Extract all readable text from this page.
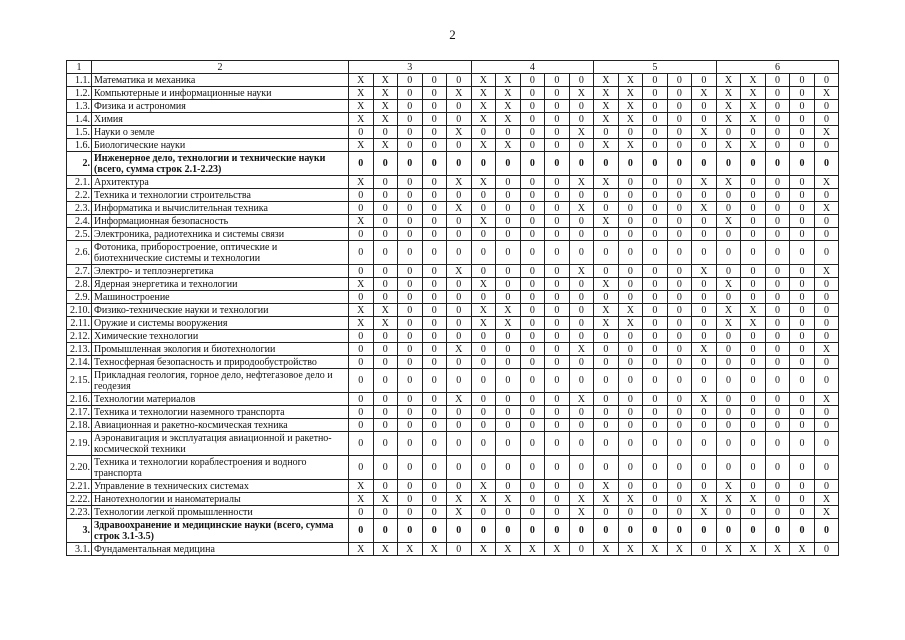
2
1	2	3					4					5					6				
1.1.	Математика и механика	X	X	0	0	0	X	X	0	0	0	X	X	0	0	0	X	X	0	0	0
1.2.	Компьютерные и информационные науки	X	X	0	0	X	X	X	0	0	X	X	X	0	0	X	X	X	0	0	X
1.3.	Физика и астрономия	X	X	0	0	0	X	X	0	0	0	X	X	0	0	0	X	X	0	0	0
1.4.	Химия	X	X	0	0	0	X	X	0	0	0	X	X	0	0	0	X	X	0	0	0
1.5.	Науки о земле	0	0	0	0	X	0	0	0	0	X	0	0	0	0	X	0	0	0	0	X
1.6.	Биологические науки	X	X	0	0	0	X	X	0	0	0	X	X	0	0	0	X	X	0	0	0
2.	Инженерное дело, технологии и технические науки (всего, сумма строк 2.1-2.23)	0	0	0	0	0	0	0	0	0	0	0	0	0	0	0	0	0	0	0	0
2.1.	Архитектура	X	0	0	0	X	X	0	0	0	X	X	0	0	0	X	X	0	0	0	X
2.2.	Техника и технологии строительства	0	0	0	0	0	0	0	0	0	0	0	0	0	0	0	0	0	0	0	0
2.3.	Информатика и вычислительная техника	0	0	0	0	X	0	0	0	0	X	0	0	0	0	X	0	0	0	0	X
2.4.	Информационная безопасность	X	0	0	0	0	X	0	0	0	0	X	0	0	0	0	X	0	0	0	0
2.5.	Электроника, радиотехника и системы связи	0	0	0	0	0	0	0	0	0	0	0	0	0	0	0	0	0	0	0	0
2.6.	Фотоника, приборостроение, оптические и биотехнические системы и технологии	0	0	0	0	0	0	0	0	0	0	0	0	0	0	0	0	0	0	0	0
2.7.	Электро- и теплоэнергетика	0	0	0	0	X	0	0	0	0	X	0	0	0	0	X	0	0	0	0	X
2.8.	Ядерная энергетика и технологии	X	0	0	0	0	X	0	0	0	0	X	0	0	0	0	X	0	0	0	0
2.9.	Машиностроение	0	0	0	0	0	0	0	0	0	0	0	0	0	0	0	0	0	0	0	0
2.10.	Физико-технические науки и технологии	X	X	0	0	0	X	X	0	0	0	X	X	0	0	0	X	X	0	0	0
2.11.	Оружие и системы вооружения	X	X	0	0	0	X	X	0	0	0	X	X	0	0	0	X	X	0	0	0
2.12.	Химические технологии	0	0	0	0	0	0	0	0	0	0	0	0	0	0	0	0	0	0	0	0
2.13.	Промышленная экология и биотехнологии	0	0	0	0	X	0	0	0	0	X	0	0	0	0	X	0	0	0	0	X
2.14.	Техносферная безопасность и природообустройство	0	0	0	0	0	0	0	0	0	0	0	0	0	0	0	0	0	0	0	0
2.15.	Прикладная геология, горное дело, нефтегазовое дело и геодезия	0	0	0	0	0	0	0	0	0	0	0	0	0	0	0	0	0	0	0	0
2.16.	Технологии материалов	0	0	0	0	X	0	0	0	0	X	0	0	0	0	X	0	0	0	0	X
2.17.	Техника и технологии наземного транспорта	0	0	0	0	0	0	0	0	0	0	0	0	0	0	0	0	0	0	0	0
2.18.	Авиационная и ракетно-космическая техника	0	0	0	0	0	0	0	0	0	0	0	0	0	0	0	0	0	0	0	0
2.19.	Аэронавигация и эксплуатация авиационной и ракетно-космической техники	0	0	0	0	0	0	0	0	0	0	0	0	0	0	0	0	0	0	0	0
2.20.	Техника и технологии кораблестроения и водного транспорта	0	0	0	0	0	0	0	0	0	0	0	0	0	0	0	0	0	0	0	0
2.21.	Управление в технических системах	X	0	0	0	0	X	0	0	0	0	X	0	0	0	0	X	0	0	0	0
2.22.	Нанотехнологии и наноматериалы	X	X	0	0	X	X	X	0	0	X	X	X	0	0	X	X	X	0	0	X
2.23.	Технологии легкой промышленности	0	0	0	0	X	0	0	0	0	X	0	0	0	0	X	0	0	0	0	X
3.	Здравоохранение и медицинские науки (всего, сумма строк 3.1-3.5)	0	0	0	0	0	0	0	0	0	0	0	0	0	0	0	0	0	0	0	0
3.1.	Фундаментальная медицина	X	X	X	X	0	X	X	X	X	0	X	X	X	X	0	X	X	X	X	0
